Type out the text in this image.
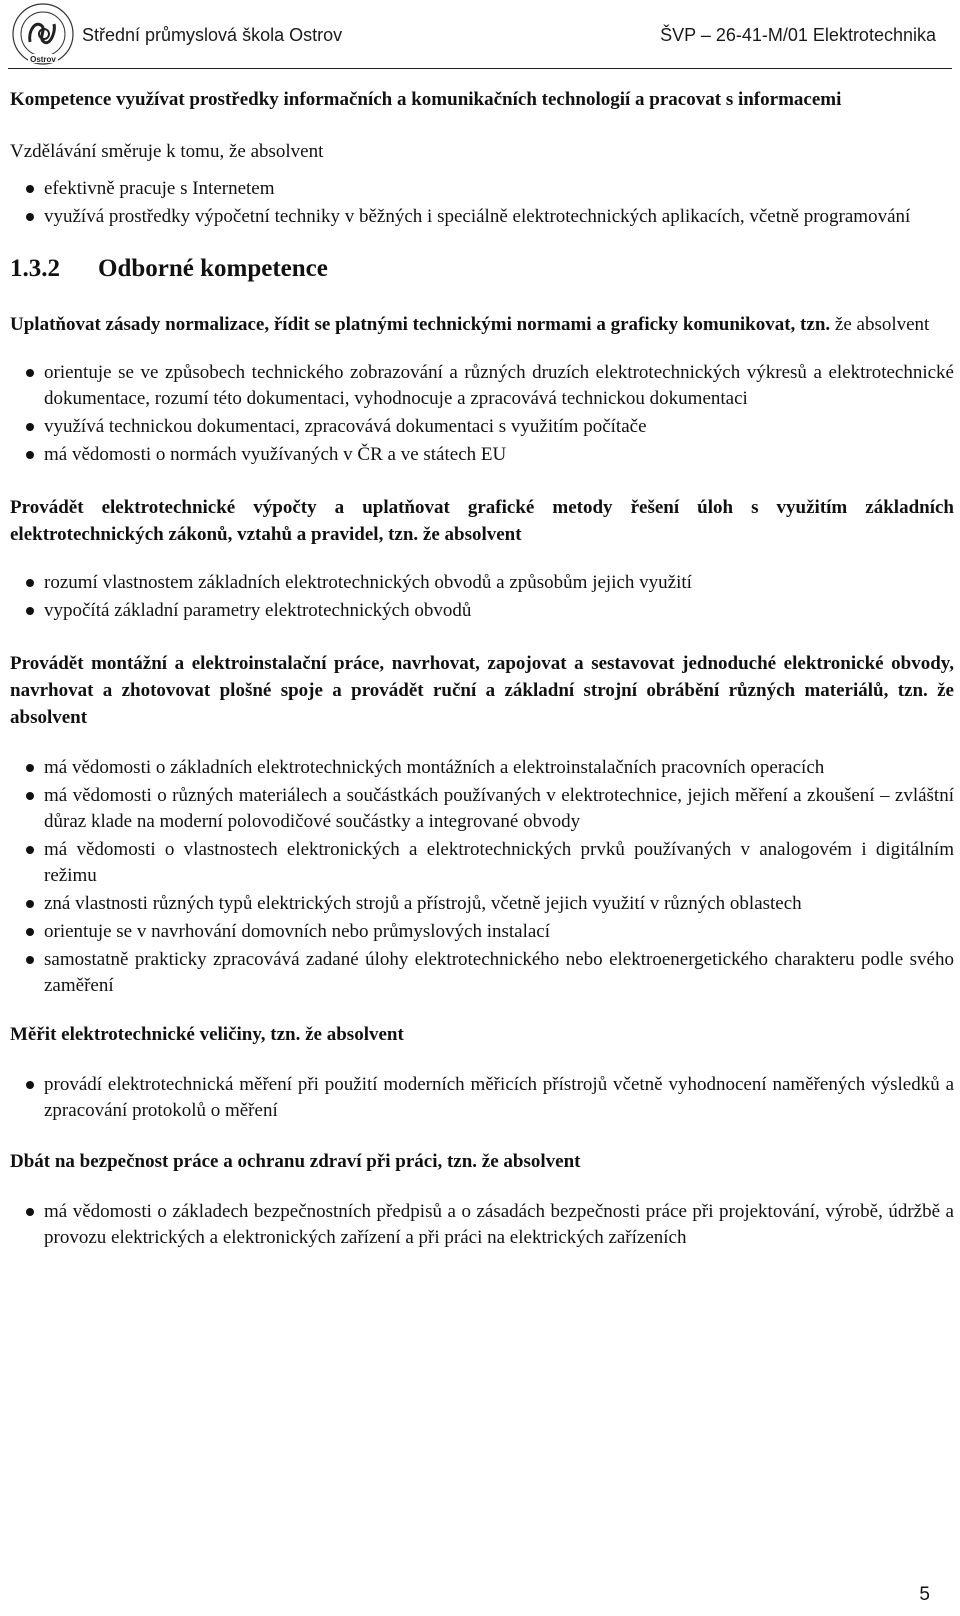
Ostrov
Střední průmyslová škola Ostrov	ŠVP – 26-41-M/01 Elektrotechnika

Kompetence využívat prostředky informačních a komunikačních technologií a pracovat s informacemi

Vzdělávání směruje k tomu, že absolvent

efektivně pracuje s Internetem
využívá prostředky výpočetní techniky v běžných i speciálně elektrotechnických aplikacích, včetně programování
1.3.2 Odborné kompetence

Uplatňovat zásady normalizace, řídit se platnými technickými normami a graficky komunikovat, tzn. že absolvent

orientuje se ve způsobech technického zobrazování a různých druzích elektrotechnických výkresů a elektrotechnické dokumentace, rozumí této dokumentaci, vyhodnocuje a zpracovává technickou dokumentaci
využívá technickou dokumentaci, zpracovává dokumentaci s využitím počítače
má vědomosti o normách využívaných v ČR a ve státech EU

Provádět elektrotechnické výpočty a uplatňovat grafické metody řešení úloh s využitím základních elektrotechnických zákonů, vztahů a pravidel, tzn. že absolvent

rozumí vlastnostem základních elektrotechnických obvodů a způsobům jejich využití
vypočítá základní parametry elektrotechnických obvodů

Provádět montážní a elektroinstalační práce, navrhovat, zapojovat a sestavovat jednoduché elektronické obvody, navrhovat a zhotovovat plošné spoje a provádět ruční a základní strojní obrábění různých materiálů, tzn. že absolvent

má vědomosti o základních elektrotechnických montážních a elektroinstalačních pracovních operacích
má vědomosti o různých materiálech a součástkách používaných v elektrotechnice, jejich měření a zkoušení – zvláštní důraz klade na moderní polovodičové součástky a integrované obvody
má vědomosti o vlastnostech elektronických a elektrotechnických prvků používaných v analogovém i digitálním režimu
zná vlastnosti různých typů elektrických strojů a přístrojů, včetně jejich využití v různých oblastech
orientuje se v navrhování domovních nebo průmyslových instalací
samostatně prakticky zpracovává zadané úlohy elektrotechnického nebo elektroenergetického charakteru podle svého zaměření

Měřit elektrotechnické veličiny, tzn. že absolvent

provádí elektrotechnická měření při použití moderních měřicích přístrojů včetně vyhodnocení naměřených výsledků a zpracování protokolů o měření

Dbát na bezpečnost práce a ochranu zdraví při práci, tzn. že absolvent

má vědomosti o základech bezpečnostních předpisů a o zásadách bezpečnosti práce při projektování, výrobě, údržbě a provozu elektrických a elektronických zařízení a při práci na elektrických zařízeních
5
